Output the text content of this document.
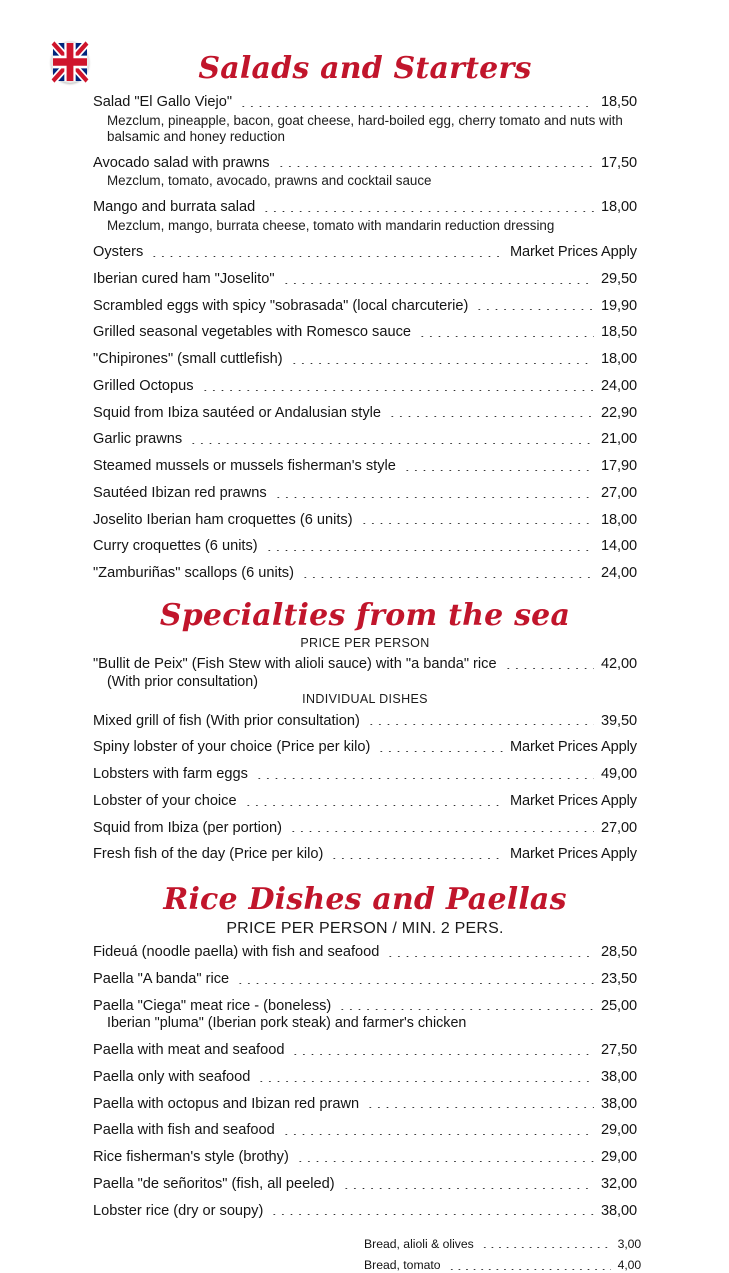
Salads and Starters
Salad "El Gallo Viejo"	18,50
Mezclum, pineapple, bacon, goat cheese, hard-boiled egg, cherry tomato and nuts with balsamic and honey reduction
Avocado salad with prawns	17,50
Mezclum, tomato, avocado, prawns and cocktail sauce
Mango and burrata salad	18,00
Mezclum, mango, burrata cheese, tomato with mandarin reduction dressing
Oysters	Market Prices Apply
Iberian cured ham "Joselito"	29,50
Scrambled eggs with spicy "sobrasada" (local charcuterie)	19,90
Grilled seasonal vegetables with Romesco sauce	18,50
"Chipirones" (small cuttlefish)	18,00
Grilled Octopus	24,00
Squid from Ibiza sautéed or Andalusian style	22,90
Garlic prawns	21,00
Steamed mussels or mussels fisherman's style	17,90
Sautéed Ibizan red prawns	27,00
Joselito Iberian ham croquettes (6 units)	18,00
Curry croquettes (6 units)	14,00
"Zamburiñas" scallops (6 units)	24,00
Specialties from the sea
PRICE PER PERSON
"Bullit de Peix" (Fish Stew with alioli sauce) with "a banda" rice	42,00
(With prior consultation)
INDIVIDUAL DISHES
Mixed grill of fish (With prior consultation)	39,50
Spiny lobster of your choice (Price per kilo)	Market Prices Apply
Lobsters with farm eggs	49,00
Lobster of your choice	Market Prices Apply
Squid from Ibiza (per portion)	27,00
Fresh fish of the day (Price per kilo)	Market Prices Apply
Rice Dishes and Paellas
PRICE PER PERSON / MIN. 2 PERS.
Fideuá (noodle paella) with fish and seafood	28,50
Paella "A banda" rice	23,50
Paella "Ciega" meat rice - (boneless)	25,00
Iberian "pluma" (Iberian pork steak) and farmer's chicken
Paella with meat and seafood	27,50
Paella only with seafood	38,00
Paella with octopus and Ibizan red prawn	38,00
Paella with fish and seafood	29,00
Rice fisherman's style (brothy)	29,00
Paella "de señoritos" (fish, all peeled)	32,00
Lobster rice (dry or soupy)	38,00
Bread, alioli & olives	3,00
Bread, tomato	4,00
